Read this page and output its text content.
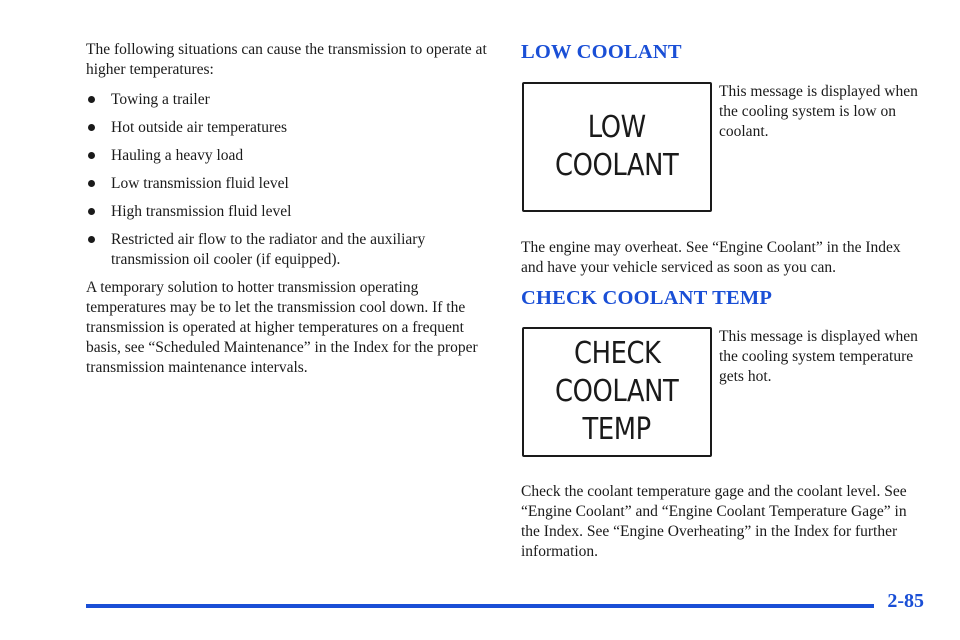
The following situations can cause the transmission to operate at higher temperatures:

Towing a trailer
Hot outside air temperatures
Hauling a heavy load
Low transmission fluid level
High transmission fluid level
Restricted air flow to the radiator and the auxiliary transmission oil cooler (if equipped).

A temporary solution to hotter transmission operating temperatures may be to let the transmission cool down. If the transmission is operated at higher temperatures on a frequent basis, see “Scheduled Maintenance” in the Index for the proper transmission maintenance intervals.

LOW COOLANT
LOW
COOLANT
This message is displayed when the cooling system is low on coolant.
The engine may overheat. See “Engine Coolant” in the Index and have your vehicle serviced as soon as you can.
CHECK COOLANT TEMP
CHECK
COOLANT
TEMP
This message is displayed when the cooling system temperature gets hot.
Check the coolant temperature gage and the coolant level. See “Engine Coolant” and “Engine Coolant Temperature Gage” in the Index. See “Engine Overheating” in the Index for further information.
2-85
